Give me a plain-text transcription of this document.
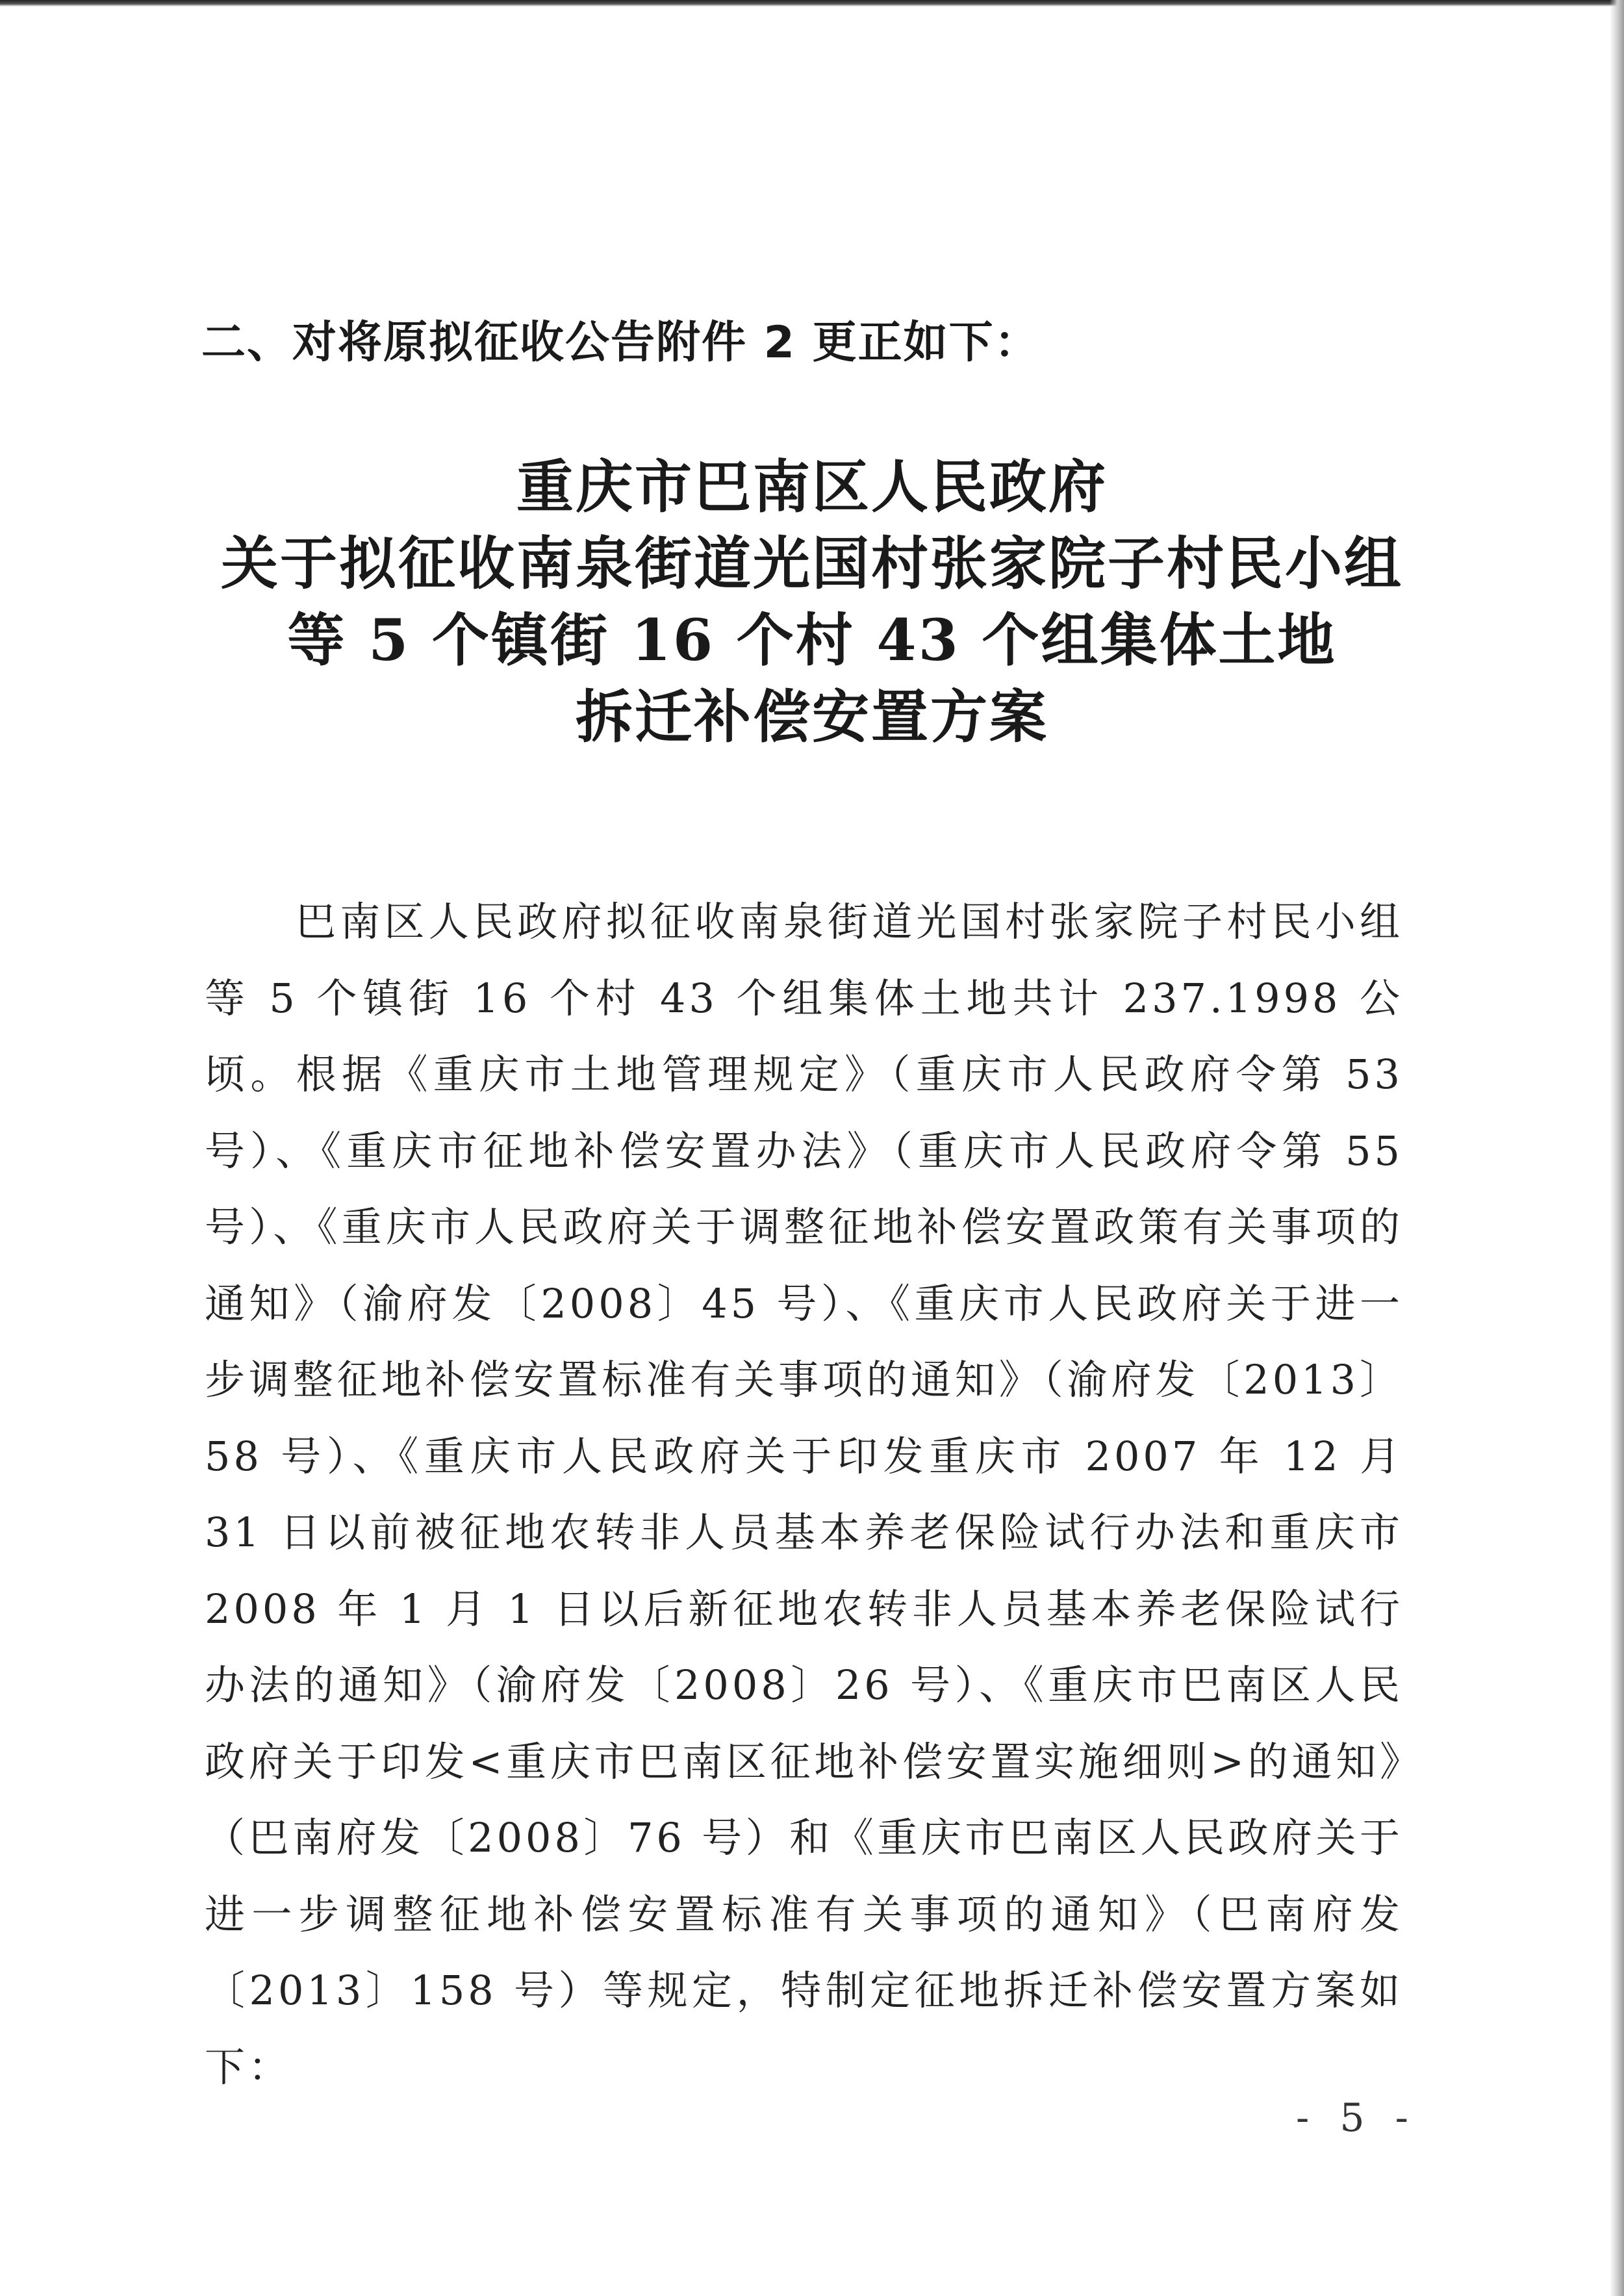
二、对将原拟征收公告附件 2 更正如下：
重庆市巴南区人民政府
关于拟征收南泉街道光国村张家院子村民小组
等 5 个镇街 16 个村 43 个组集体土地
拆迁补偿安置方案

巴南区人民政府拟征收南泉街道光国村张家院子村民小组等 5 个镇街 16 个村 43 个组集体土地共计 237.1998 公顷。根据《重庆市土地管理规定》（重庆市人民政府令第 53 号）、《重庆市征地补偿安置办法》（重庆市人民政府令第 55 号）、《重庆市人民政府关于调整征地补偿安置政策有关事项的通知》（渝府发〔2008〕45 号）、《重庆市人民政府关于进一步调整征地补偿安置标准有关事项的通知》（渝府发〔2013〕58 号）、《重庆市人民政府关于印发重庆市 2007 年 12 月 31 日以前被征地农转非人员基本养老保险试行办法和重庆市 2008 年 1 月 1 日以后新征地农转非人员基本养老保险试行办法的通知》（渝府发〔2008〕26 号）、《重庆市巴南区人民政府关于印发<重庆市巴南区征地补偿安置实施细则>的通知》（巴南府发〔2008〕76 号）和《重庆市巴南区人民政府关于进一步调整征地补偿安置标准有关事项的通知》（巴南府发〔2013〕158 号）等规定，特制定征地拆迁补偿安置方案如下：

- 5 -
